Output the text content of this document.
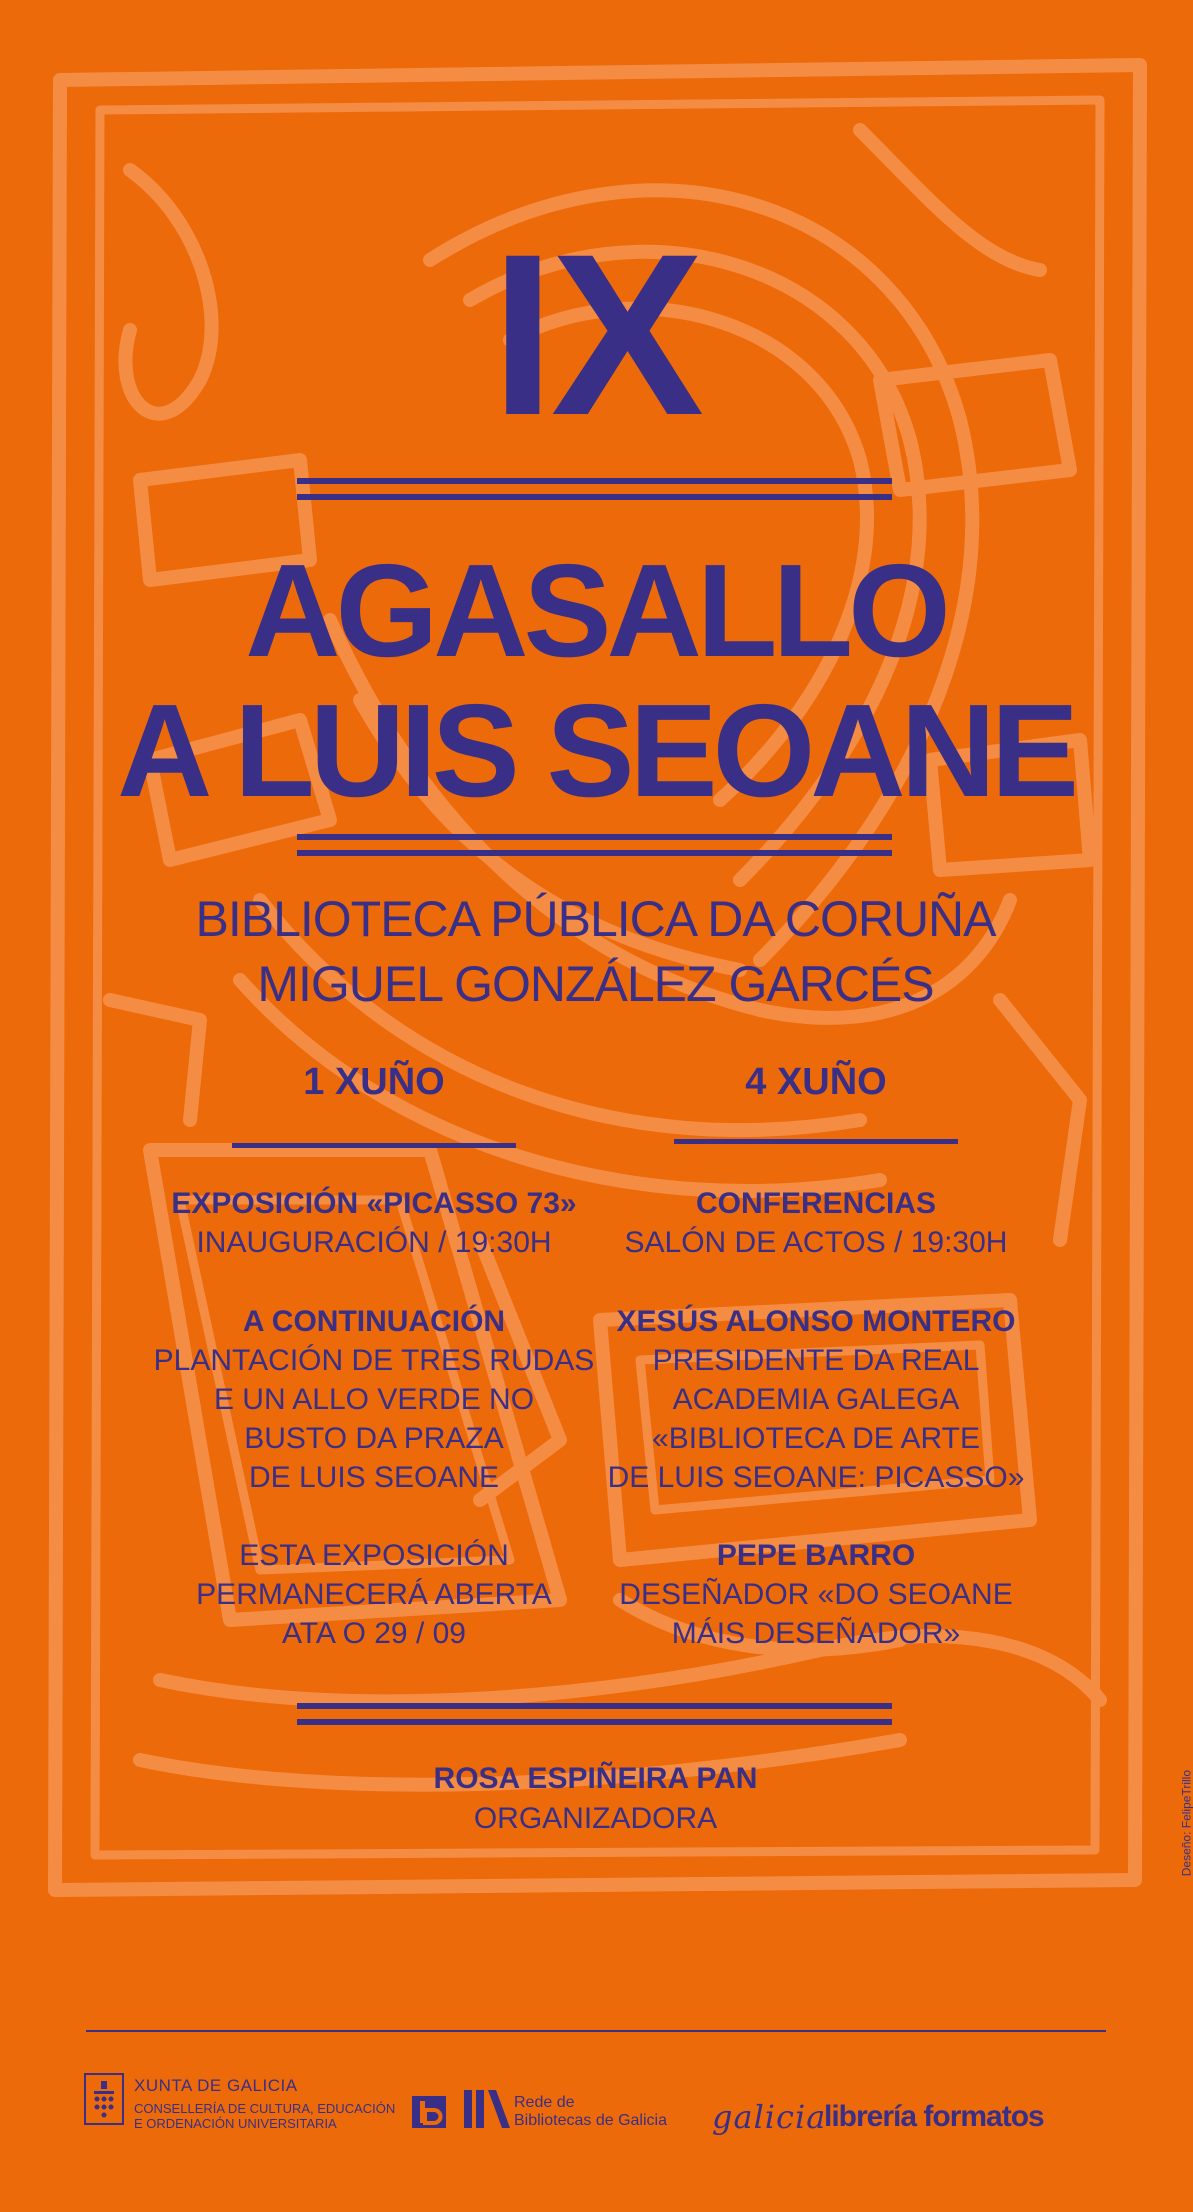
IX
AGASALLO
A LUIS SEOANE
BIBLIOTECA PÚBLICA DA CORUÑA
MIGUEL GONZÁLEZ GARCÉS
1 XUÑO
EXPOSICIÓN «PICASSO 73»
INAUGURACIÓN / 19:30H
A CONTINUACIÓN
PLANTACIÓN DE TRES RUDAS
E UN ALLO VERDE NO
BUSTO DA PRAZA
DE LUIS SEOANE
ESTA EXPOSICIÓN
PERMANECERÁ ABERTA
ATA O 29 / 09
4 XUÑO
CONFERENCIAS
SALÓN DE ACTOS / 19:30H
XESÚS ALONSO MONTERO
PRESIDENTE DA REAL
ACADEMIA GALEGA
«BIBLIOTECA DE ARTE
DE LUIS SEOANE: PICASSO»
PEPE BARRO
DESEÑADOR «DO SEOANE
MÁIS DESEÑADOR»
ROSA ESPIÑEIRA PAN
ORGANIZADORA	Deseño: FelipeTrillo
XUNTA DE GALICIA
CONSELLERÍA DE CULTURA, EDUCACIÓN
E ORDENACIÓN UNIVERSITARIA
Rede de
Bibliotecas de Galicia galicia
librería formatos
